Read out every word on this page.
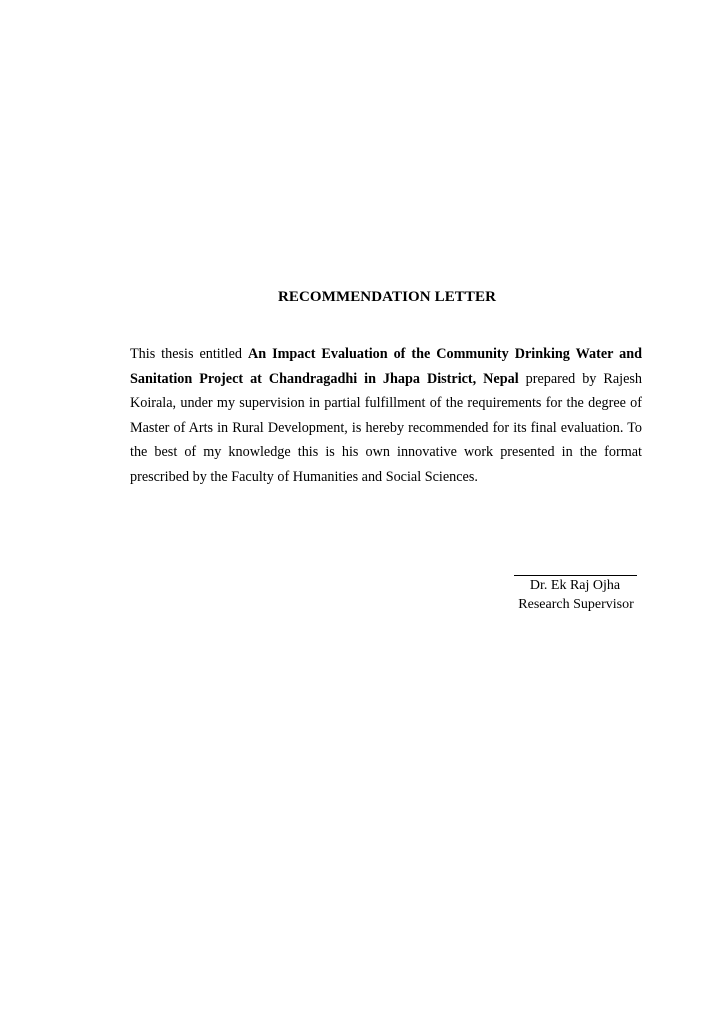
RECOMMENDATION LETTER

This thesis entitled An Impact Evaluation of the Community Drinking Water and Sanitation Project at Chandragadhi in Jhapa District, Nepal prepared by Rajesh Koirala, under my supervision in partial fulfillment of the requirements for the degree of Master of Arts in Rural Development, is hereby recommended for its final evaluation. To the best of my knowledge this is his own innovative work presented in the format prescribed by the Faculty of Humanities and Social Sciences.

Dr. Ek Raj Ojha
Research Supervisor
